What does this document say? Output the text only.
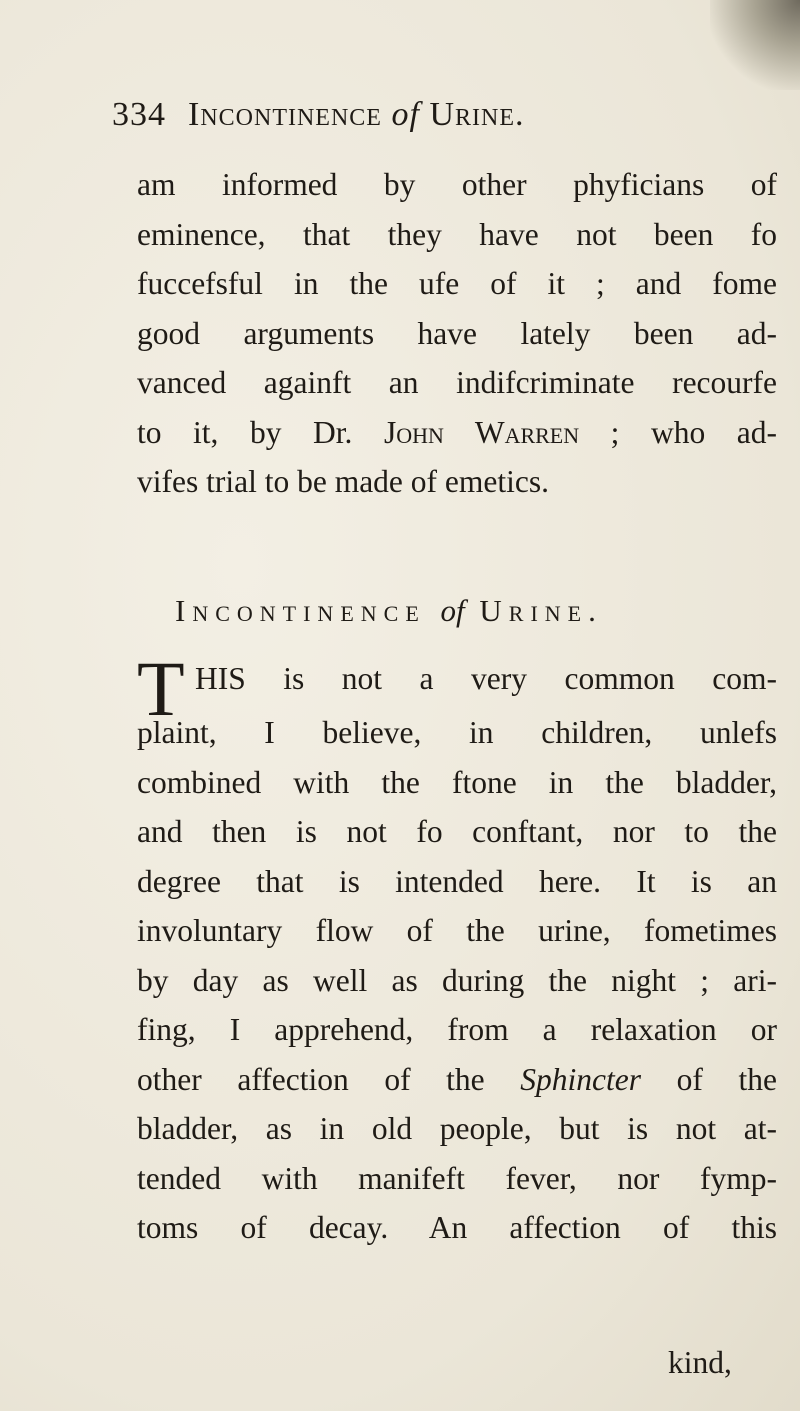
334 Incontinence of Urine.
am informed by other phyficians of
eminence, that they have not been fo
fuccefsful in the ufe of it ; and fome
good arguments have lately been ad-
vanced againft an indifcriminate recourfe
to it, by Dr. John Warren ; who ad-
vifes trial to be made of emetics.
Incontinence of Urine.
T HIS is not a very common com-
plaint, I believe, in children, unlefs
combined with the ftone in the bladder,
and then is not fo conftant, nor to the
degree that is intended here. It is an
involuntary flow of the urine, fometimes
by day as well as during the night ; ari-
fing, I apprehend, from a relaxation or
other affection of the Sphincter of the
bladder, as in old people, but is not at-
tended with manifeft fever, nor fymp-
toms of decay. An affection of this
kind,
